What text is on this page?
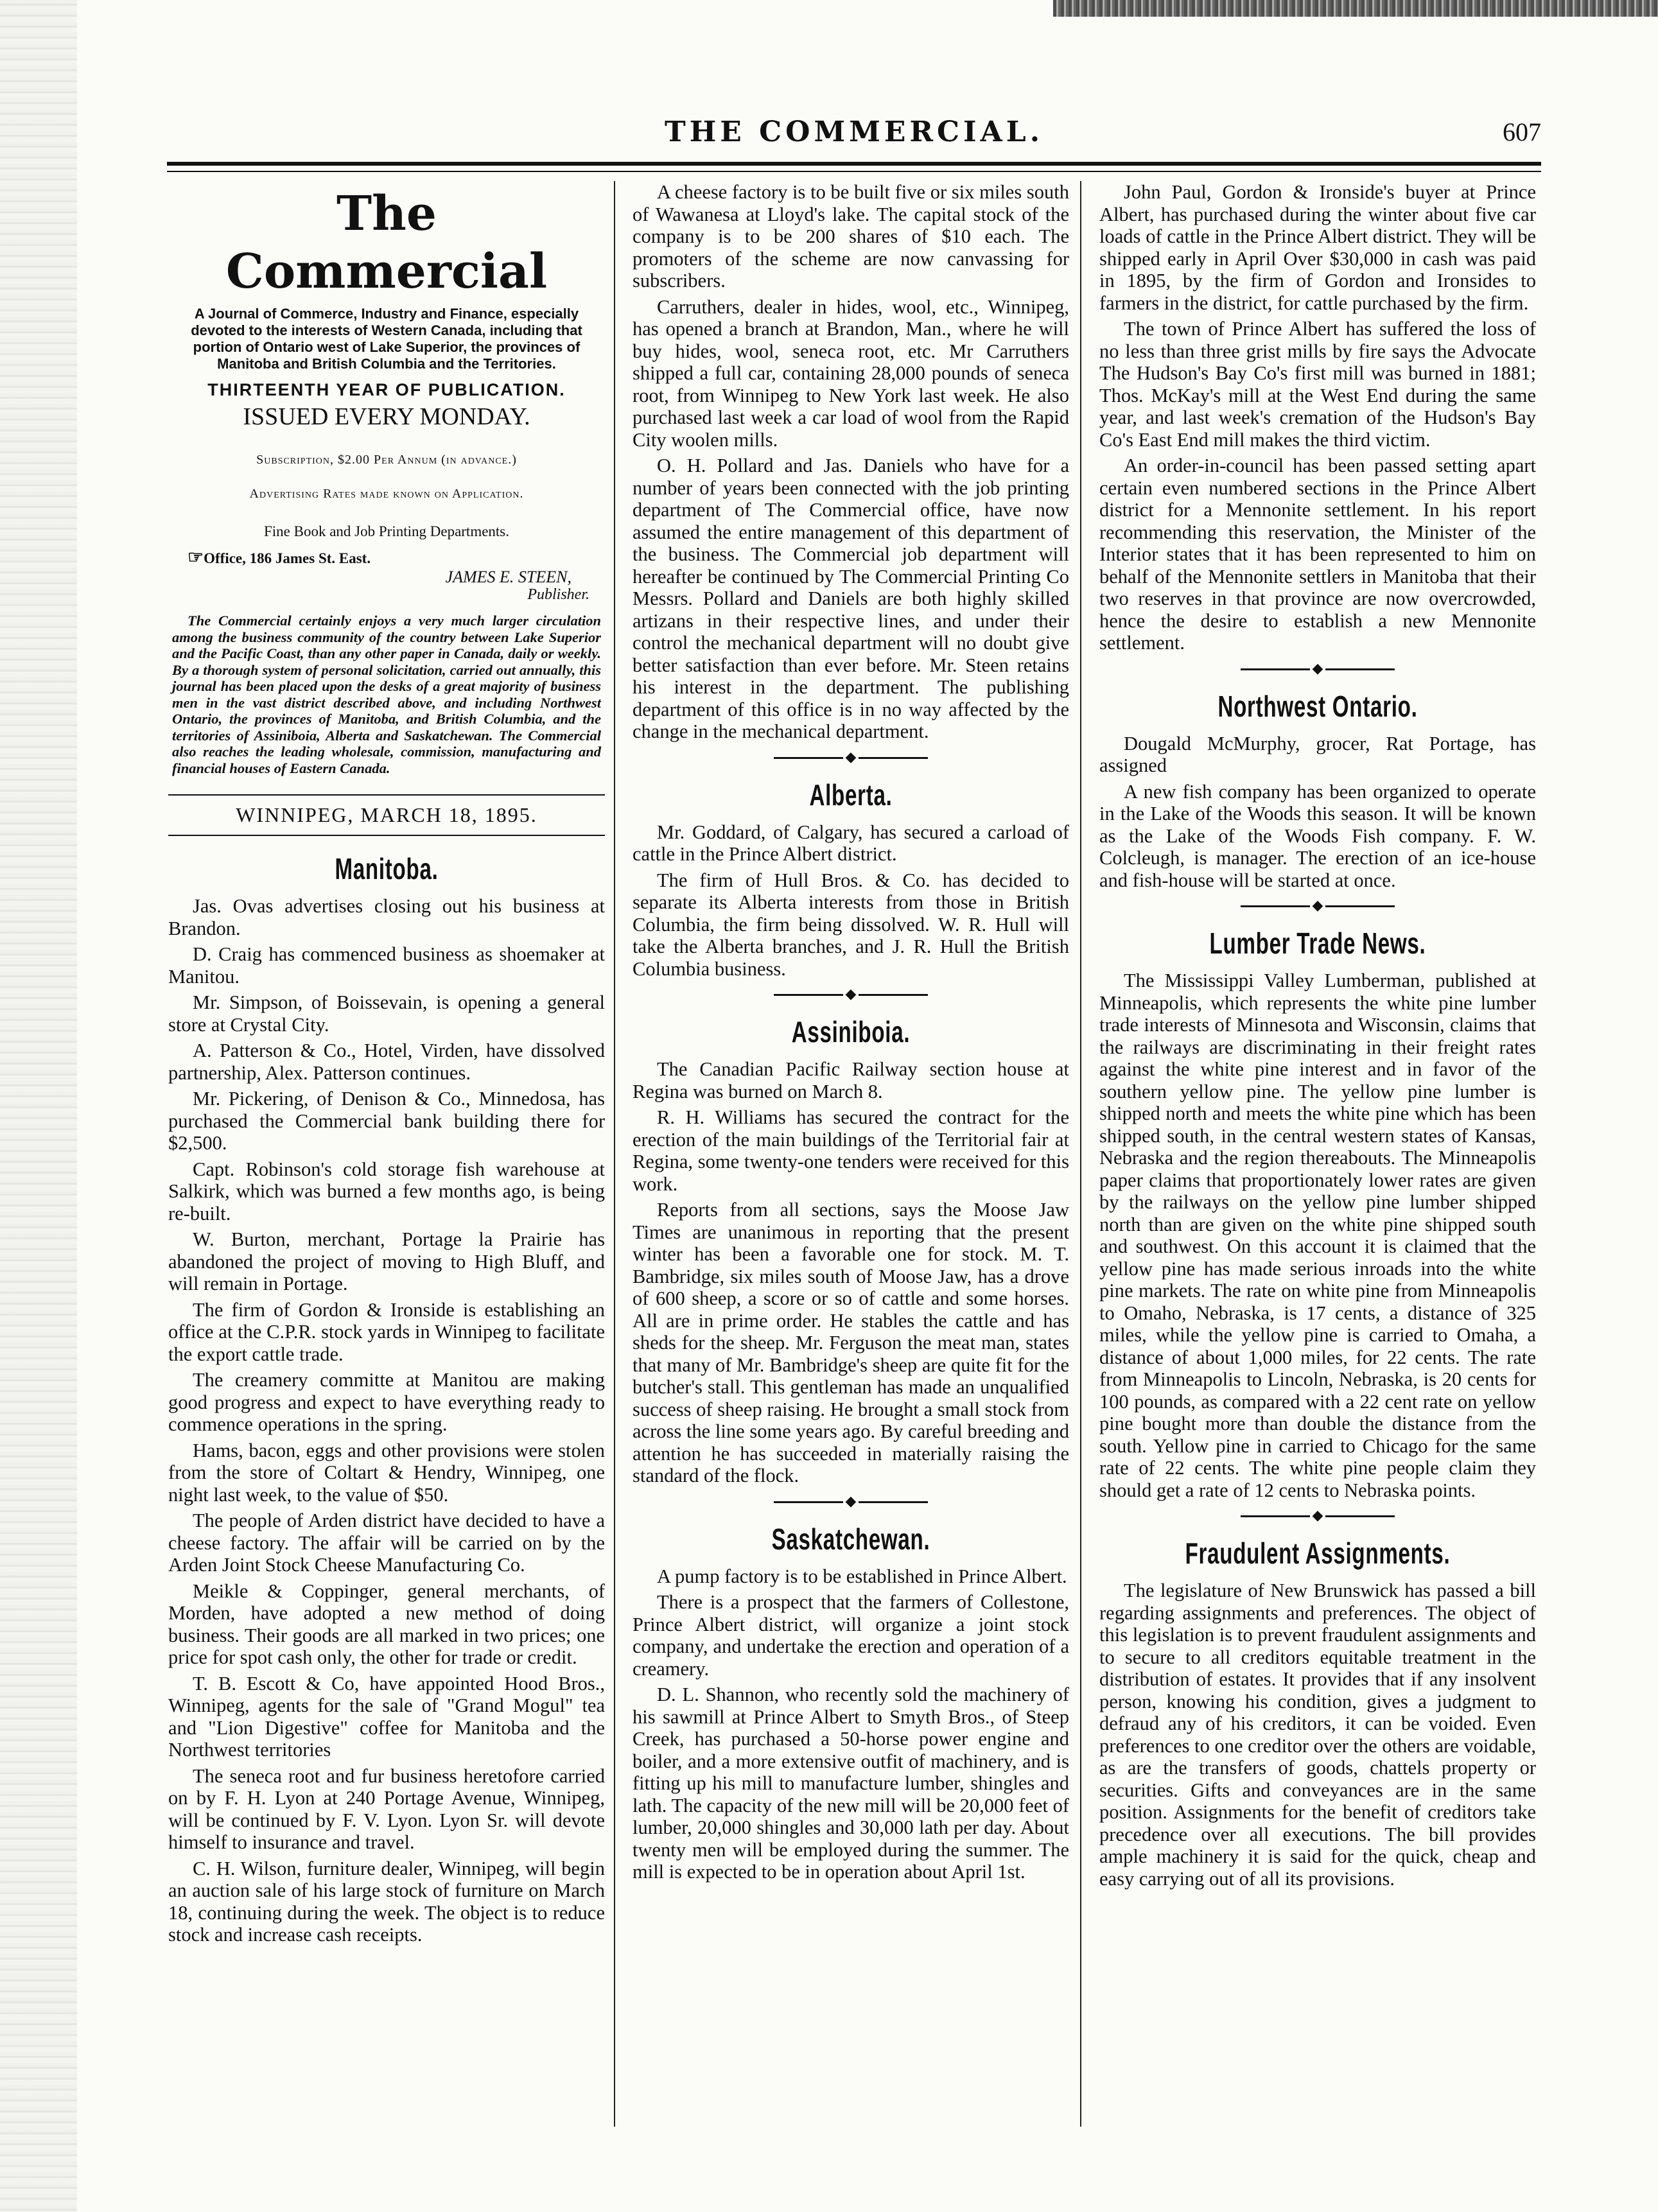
THE COMMERCIAL.	607
The Commercial
A Journal of Commerce, Industry and Finance, especially devoted to the interests of Western Canada, including that portion of Ontario west of Lake Superior, the provinces of Manitoba and British Columbia and the Territories.
THIRTEENTH YEAR OF PUBLICATION.
ISSUED EVERY MONDAY.
Subscription, $2.00 Per Annum (in advance.)
Advertising Rates made known on Application.
Fine Book and Job Printing Departments.
☞Office, 186 James St. East.
JAMES E. STEEN,
Publisher.
The Commercial certainly enjoys a very much larger circulation among the business community of the country between Lake Superior and the Pacific Coast, than any other paper in Canada, daily or weekly. By a thorough system of personal solicitation, carried out annually, this journal has been placed upon the desks of a great majority of business men in the vast district described above, and including Northwest Ontario, the provinces of Manitoba, and British Columbia, and the territories of Assiniboia, Alberta and Saskatchewan. The Commercial also reaches the leading wholesale, commission, manufacturing and financial houses of Eastern Canada.
WINNIPEG, MARCH 18, 1895.
Manitoba.

Jas. Ovas advertises closing out his business at Brandon.

D. Craig has commenced business as shoemaker at Manitou.

Mr. Simpson, of Boissevain, is opening a general store at Crystal City.

A. Patterson & Co., Hotel, Virden, have dissolved partnership, Alex. Patterson continues.

Mr. Pickering, of Denison & Co., Minnedosa, has purchased the Commercial bank building there for $2,500.

Capt. Robinson's cold storage fish warehouse at Salkirk, which was burned a few months ago, is being re-built.

W. Burton, merchant, Portage la Prairie has abandoned the project of moving to High Bluff, and will remain in Portage.

The firm of Gordon & Ironside is establishing an office at the C.P.R. stock yards in Winnipeg to facilitate the export cattle trade.

The creamery committe at Manitou are making good progress and expect to have everything ready to commence operations in the spring.

Hams, bacon, eggs and other provisions were stolen from the store of Coltart & Hendry, Winnipeg, one night last week, to the value of $50.

The people of Arden district have decided to have a cheese factory. The affair will be carried on by the Arden Joint Stock Cheese Manufacturing Co.

Meikle & Coppinger, general merchants, of Morden, have adopted a new method of doing business. Their goods are all marked in two prices; one price for spot cash only, the other for trade or credit.

T. B. Escott & Co, have appointed Hood Bros., Winnipeg, agents for the sale of "Grand Mogul" tea and "Lion Digestive" coffee for Manitoba and the Northwest territories

The seneca root and fur business heretofore carried on by F. H. Lyon at 240 Portage Avenue, Winnipeg, will be continued by F. V. Lyon. Lyon Sr. will devote himself to insurance and travel.

C. H. Wilson, furniture dealer, Winnipeg, will begin an auction sale of his large stock of furniture on March 18, continuing during the week. The object is to reduce stock and increase cash receipts.

A cheese factory is to be built five or six miles south of Wawanesa at Lloyd's lake. The capital stock of the company is to be 200 shares of $10 each. The promoters of the scheme are now canvassing for subscribers.

Carruthers, dealer in hides, wool, etc., Winnipeg, has opened a branch at Brandon, Man., where he will buy hides, wool, seneca root, etc. Mr Carruthers shipped a full car, containing 28,000 pounds of seneca root, from Winnipeg to New York last week. He also purchased last week a car load of wool from the Rapid City woolen mills.

O. H. Pollard and Jas. Daniels who have for a number of years been connected with the job printing department of The Commercial office, have now assumed the entire management of this department of the business. The Commercial job department will hereafter be continued by The Commercial Printing Co Messrs. Pollard and Daniels are both highly skilled artizans in their respective lines, and under their control the mechanical department will no doubt give better satisfaction than ever before. Mr. Steen retains his interest in the department. The publishing department of this office is in no way affected by the change in the mechanical department.

◆
Alberta.

Mr. Goddard, of Calgary, has secured a carload of cattle in the Prince Albert district.

The firm of Hull Bros. & Co. has decided to separate its Alberta interests from those in British Columbia, the firm being dissolved. W. R. Hull will take the Alberta branches, and J. R. Hull the British Columbia business.

◆
Assiniboia.

The Canadian Pacific Railway section house at Regina was burned on March 8.

R. H. Williams has secured the contract for the erection of the main buildings of the Territorial fair at Regina, some twenty-one tenders were received for this work.

Reports from all sections, says the Moose Jaw Times are unanimous in reporting that the present winter has been a favorable one for stock. M. T. Bambridge, six miles south of Moose Jaw, has a drove of 600 sheep, a score or so of cattle and some horses. All are in prime order. He stables the cattle and has sheds for the sheep. Mr. Ferguson the meat man, states that many of Mr. Bambridge's sheep are quite fit for the butcher's stall. This gentleman has made an unqualified success of sheep raising. He brought a small stock from across the line some years ago. By careful breeding and attention he has succeeded in materially raising the standard of the flock.

◆
Saskatchewan.

A pump factory is to be established in Prince Albert.

There is a prospect that the farmers of Collestone, Prince Albert district, will organize a joint stock company, and undertake the erection and operation of a creamery.

D. L. Shannon, who recently sold the machinery of his sawmill at Prince Albert to Smyth Bros., of Steep Creek, has purchased a 50-horse power engine and boiler, and a more extensive outfit of machinery, and is fitting up his mill to manufacture lumber, shingles and lath. The capacity of the new mill will be 20,000 feet of lumber, 20,000 shingles and 30,000 lath per day. About twenty men will be employed during the summer. The mill is expected to be in operation about April 1st.

John Paul, Gordon & Ironside's buyer at Prince Albert, has purchased during the winter about five car loads of cattle in the Prince Albert district. They will be shipped early in April Over $30,000 in cash was paid in 1895, by the firm of Gordon and Ironsides to farmers in the district, for cattle purchased by the firm.

The town of Prince Albert has suffered the loss of no less than three grist mills by fire says the Advocate The Hudson's Bay Co's first mill was burned in 1881; Thos. McKay's mill at the West End during the same year, and last week's cremation of the Hudson's Bay Co's East End mill makes the third victim.

An order-in-council has been passed setting apart certain even numbered sections in the Prince Albert district for a Mennonite settlement. In his report recommending this reservation, the Minister of the Interior states that it has been represented to him on behalf of the Mennonite settlers in Manitoba that their two reserves in that province are now overcrowded, hence the desire to establish a new Mennonite settlement.

◆
Northwest Ontario.

Dougald McMurphy, grocer, Rat Portage, has assigned

A new fish company has been organized to operate in the Lake of the Woods this season. It will be known as the Lake of the Woods Fish company. F. W. Colcleugh, is manager. The erection of an ice-house and fish-house will be started at once.

◆
Lumber Trade News.

The Mississippi Valley Lumberman, published at Minneapolis, which represents the white pine lumber trade interests of Minnesota and Wisconsin, claims that the railways are discriminating in their freight rates against the white pine interest and in favor of the southern yellow pine. The yellow pine lumber is shipped north and meets the white pine which has been shipped south, in the central western states of Kansas, Nebraska and the region thereabouts. The Minneapolis paper claims that proportionately lower rates are given by the railways on the yellow pine lumber shipped north than are given on the white pine shipped south and southwest. On this account it is claimed that the yellow pine has made serious inroads into the white pine markets. The rate on white pine from Minneapolis to Omaho, Nebraska, is 17 cents, a distance of 325 miles, while the yellow pine is carried to Omaha, a distance of about 1,000 miles, for 22 cents. The rate from Minneapolis to Lincoln, Nebraska, is 20 cents for 100 pounds, as compared with a 22 cent rate on yellow pine bought more than double the distance from the south. Yellow pine in carried to Chicago for the same rate of 22 cents. The white pine people claim they should get a rate of 12 cents to Nebraska points.

◆
Fraudulent Assignments.

The legislature of New Brunswick has passed a bill regarding assignments and preferences. The object of this legislation is to prevent fraudulent assignments and to secure to all creditors equitable treatment in the distribution of estates. It provides that if any insolvent person, knowing his condition, gives a judgment to defraud any of his creditors, it can be voided. Even preferences to one creditor over the others are voidable, as are the transfers of goods, chattels property or securities. Gifts and conveyances are in the same position. Assignments for the benefit of creditors take precedence over all executions. The bill provides ample machinery it is said for the quick, cheap and easy carrying out of all its provisions.
